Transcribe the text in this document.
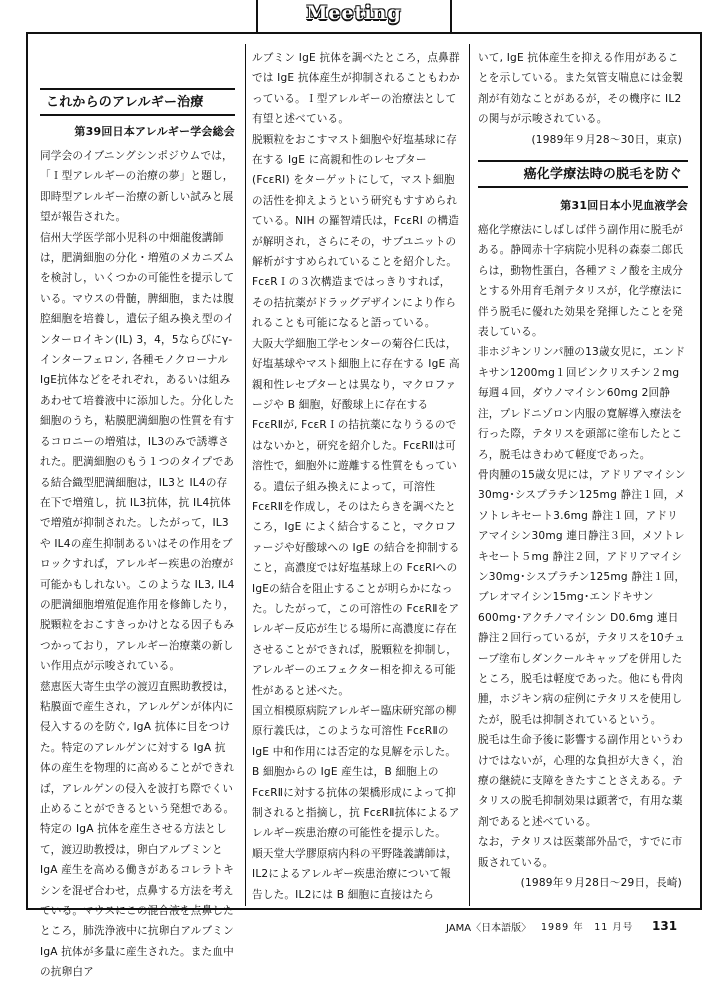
Meeting
これからのアレルギー治療
第39回日本アレルギー学会総会

同学会のイブニングシンポジウムでは，「Ｉ型アレルギーの治療の夢」と題し，即時型アレルギー治療の新しい試みと展望が報告された。

信州大学医学部小児科の中畑龍俊講師は，肥満細胞の分化・増殖のメカニズムを検討し，いくつかの可能性を提示している。マウスの骨髄，脾細胞，または腹腔細胞を培養し，遺伝子組み換え型のインターロイキン(IL) 3，4，5ならびにγ-インターフェロン, 各種モノクローナルIgE抗体などをそれぞれ，あるいは組みあわせて培養液中に添加した。分化した細胞のうち，粘膜肥満細胞の性質を有するコロニーの増殖は，IL3のみで誘導された。肥満細胞のもう１つのタイプである結合織型肥満細胞は，IL3と IL4の存在下で増殖し，抗 IL3抗体，抗 IL4抗体で増殖が抑制された。したがって，IL3や IL4の産生抑制あるいはその作用をブロックすれば，アレルギー疾患の治療が可能かもしれない。このような IL3, IL4の肥満細胞増殖促進作用を修飾したり，脱顆粒をおこすきっかけとなる因子もみつかっており，アレルギー治療薬の新しい作用点が示唆されている。

慈恵医大寄生虫学の渡辺直熙助教授は，粘膜面で産生され，アレルゲンが体内に侵入するのを防ぐ, IgA 抗体に目をつけた。特定のアレルゲンに対する IgA 抗体の産生を物理的に高めることができれば，アレルゲンの侵入を波打ち際でくい止めることができるという発想である。

特定の IgA 抗体を産生させる方法として，渡辺助教授は，卵白アルブミンと IgA 産生を高める働きがあるコレラトキシンを混ぜ合わせ，点鼻する方法を考えている。マウスにこの混合液を点鼻したところ，肺洗浄液中に抗卵白アルブミン IgA 抗体が多量に産生された。また血中の抗卵白ア

ルブミン IgE 抗体を調べたところ，点鼻群では IgE 抗体産生が抑制されることもわかっている。Ｉ型アレルギーの治療法として有望と述べている。

脱顆粒をおこすマスト細胞や好塩基球に存在する IgE に高親和性のレセプター (FcεRI) をターゲットにして，マスト細胞の活性を抑えようという研究もすすめられている。NIH の羅智靖氏は，FcεRI の構造が解明され，さらにその，サブユニットの解析がすすめられていることを紹介した。FcεRＩの３次構造まではっきりすれば，その拮抗薬がドラッグデザインにより作られることも可能になると語っている。

大阪大学細胞工学センターの菊谷仁氏は，好塩基球やマスト細胞上に存在する IgE 高親和性レセプターとは異なり，マクロファージや B 細胞，好酸球上に存在する FcεRⅡが, FcεRＩの拮抗薬になりうるのではないかと，研究を紹介した。FcεRⅡは可溶性で，細胞外に遊離する性質をもっている。遺伝子組み換えによって，可溶性 FcεRⅡを作成し，そのはたらきを調べたところ，IgE によく結合すること，マクロファージや好酸球への IgE の結合を抑制すること，高濃度では好塩基球上の FcεRIへのIgEの結合を阻止することが明らかになった。したがって，この可溶性の FcεRⅡをアレルギー反応が生じる場所に高濃度に存在させることができれば，脱顆粒を抑制し，アレルギーのエフェクター相を抑える可能性があると述べた。

国立相模原病院アレルギー臨床研究部の柳原行義氏は，このような可溶性 FcεRⅡの IgE 中和作用には否定的な見解を示した。B 細胞からの IgE 産生は，B 細胞上の FcεRⅡに対する抗体の架橋形成によって抑制されると指摘し，抗 FcεRⅡ抗体によるアレルギー疾患治療の可能性を提示した。

順天堂大学膠原病内科の平野隆義講師は，IL2によるアレルギー疾患治療について報告した。IL2には B 細胞に直接はたら

いて, IgE 抗体産生を抑える作用があることを示している。また気管支喘息には金製剤が有効なことがあるが，その機序に IL2の関与が示唆されている。

(1989年９月28～30日，東京)

癌化学療法時の脱毛を防ぐ
第31回日本小児血液学会

癌化学療法にしばしば伴う副作用に脱毛がある。静岡赤十字病院小児科の森泰二郎氏らは，動物性蛋白，各種アミノ酸を主成分とする外用育毛剤テタリスが，化学療法に伴う脱毛に優れた効果を発揮したことを発表している。

非ホジキンリンパ腫の13歳女児に，エンドキサン1200mg１回ビンクリスチン２mg 毎週４回，ダウノマイシン60mg 2回静注，プレドニゾロン内服の寛解導入療法を行った際，テタリスを頭部に塗布したところ，脱毛はきわめて軽度であった。

骨肉腫の15歳女児には，アドリアマイシン30mg･シスプラチン125mg 静注１回，メソトレキセート3.6mg 静注１回，アドリアマイシン30mg 連日静注３回，メソトレキセート５mg 静注２回，アドリアマイシン30mg･シスプラチン125mg 静注１回，ブレオマイシン15mg･エンドキサン600mg･アクチノマイシン D0.6mg 連日静注２回行っているが，テタリスを10チューブ塗布しダンクールキャップを併用したところ，脱毛は軽度であった。他にも骨肉腫，ホジキン病の症例にテタリスを使用したが，脱毛は抑制されているという。

脱毛は生命予後に影響する副作用というわけではないが，心理的な負担が大きく，治療の継続に支障をきたすことさえある。テタリスの脱毛抑制効果は顕著で，有用な薬剤であると述べている。

なお，テタリスは医薬部外品で，すでに市販されている。

(1989年９月28日～29日，長崎)

JAMA〈日本語版〉 1989 年　11 月号 131
